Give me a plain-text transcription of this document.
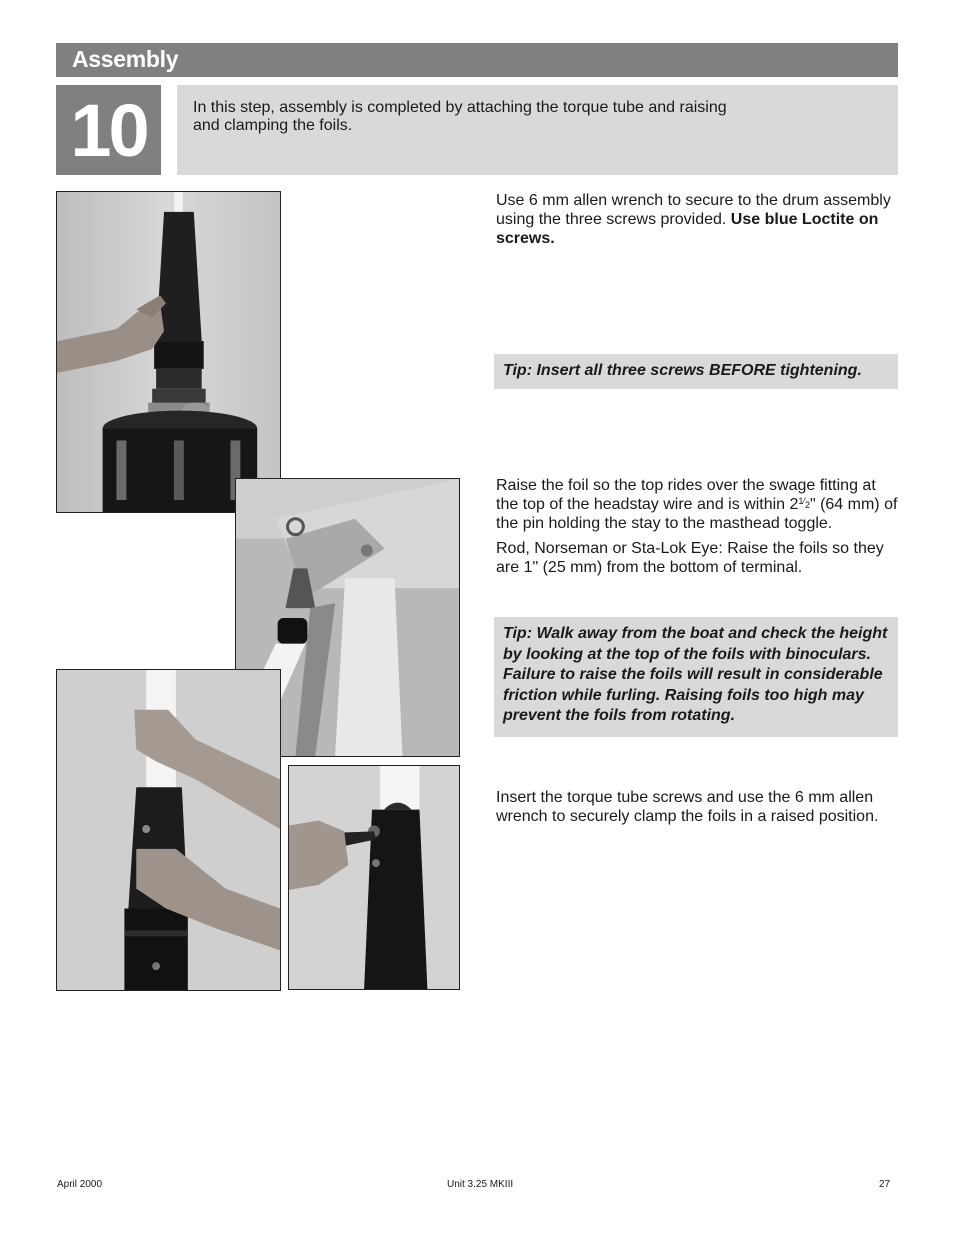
Assembly
10	In this step, assembly is completed by attaching the torque tube and raising and clamping the foils.
Use 6 mm allen wrench to secure to the drum assembly using the three screws provided. Use blue Loctite on screws.
Tip: Insert all three screws BEFORE tightening.
Raise the foil so the top rides over the swage fitting at the top of the headstay wire and is within 21⁄2" (64 mm) of the pin holding the stay to the masthead toggle.
Rod, Norseman or Sta-Lok Eye: Raise the foils so they are 1" (25 mm) from the bottom of terminal.
Tip: Walk away from the boat and check the height by looking at the top of the foils with binoculars. Failure to raise the foils will result in considerable friction while furling. Raising foils too high may prevent the foils from rotating.
Insert the torque tube screws and use the 6 mm allen wrench to securely clamp the foils in a raised position.
April 2000	Unit 3.25 MKIII	27
